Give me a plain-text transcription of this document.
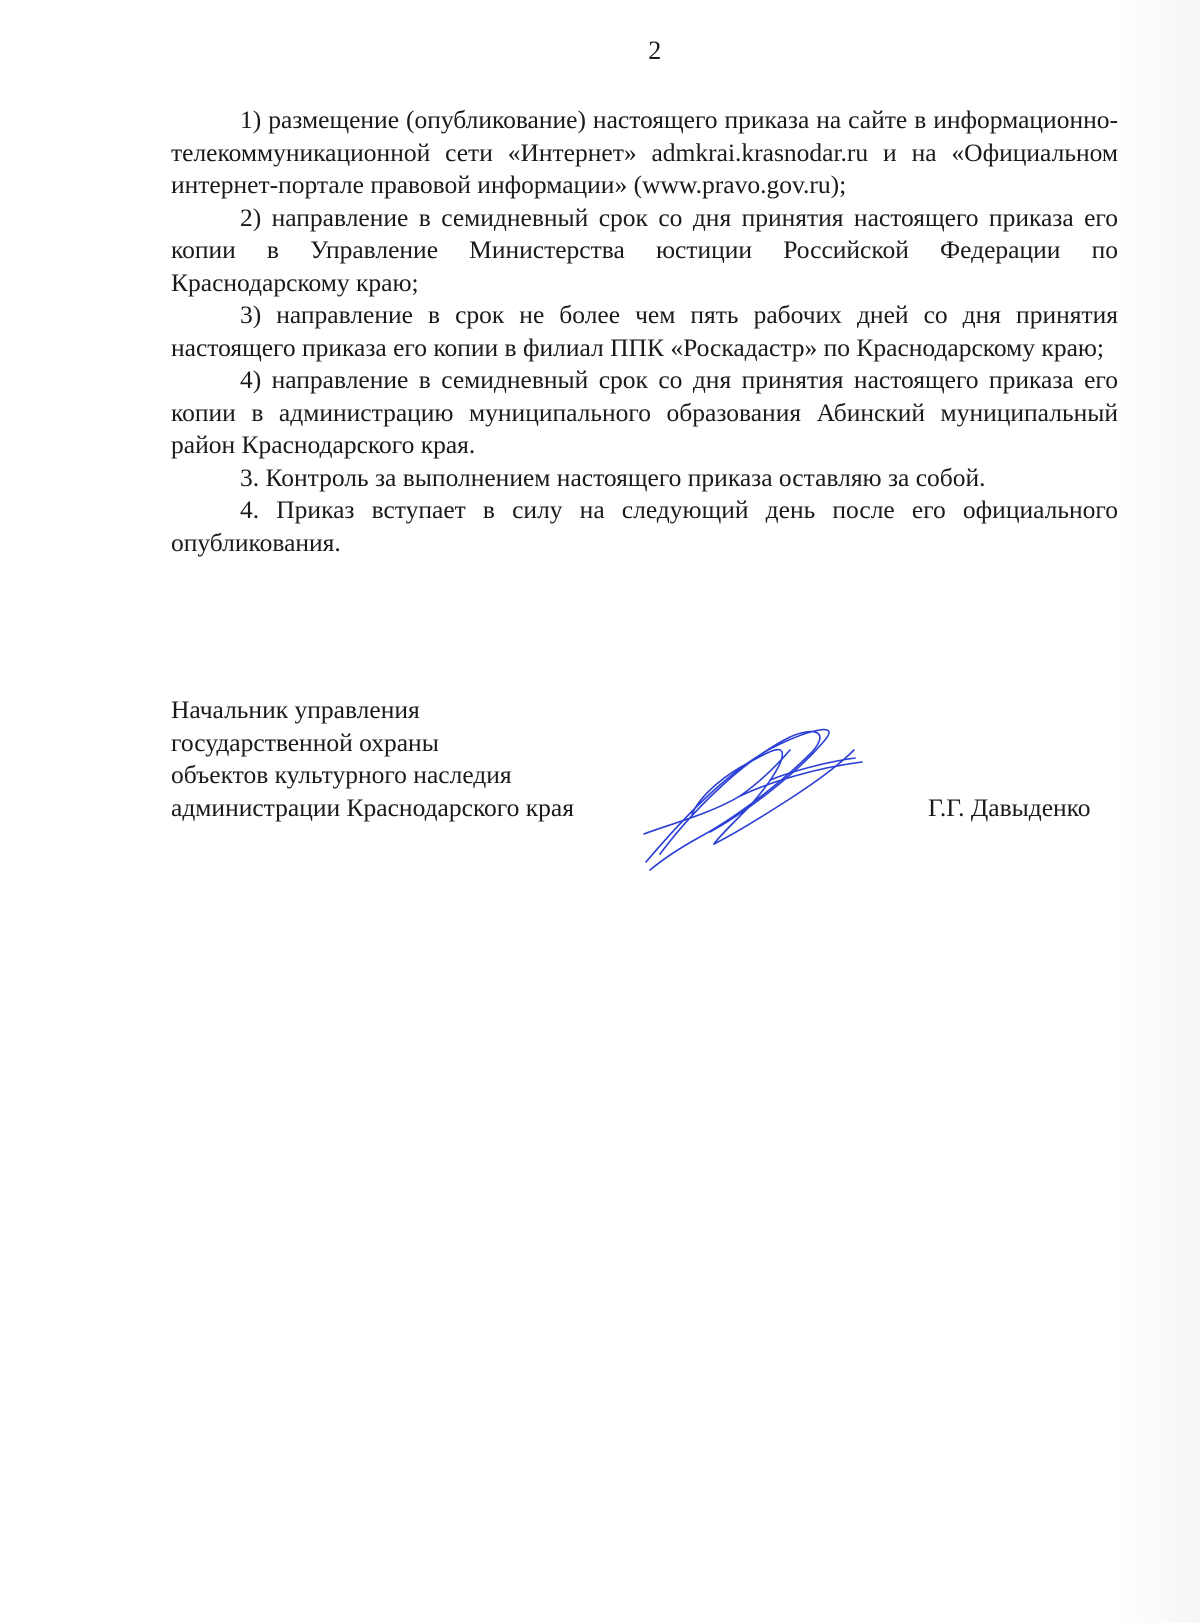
2

1) размещение (опубликование) настоящего приказа на сайте в информационно-телекоммуникационной сети «Интернет» admkrai.krasnodar.ru и на «Официальном интернет-портале правовой информации» (www.pravo.gov.ru);

2) направление в семидневный срок со дня принятия настоящего приказа его копии в Управление Министерства юстиции Российской Федерации по Краснодарскому краю;

3) направление в срок не более чем пять рабочих дней со дня принятия настоящего приказа его копии в филиал ППК «Роскадастр» по Краснодарскому краю;

4) направление в семидневный срок со дня принятия настоящего приказа его копии в администрацию муниципального образования Абинский муниципальный район Краснодарского края.

3. Контроль за выполнением настоящего приказа оставляю за собой.

4. Приказ вступает в силу на следующий день после его официального опубликования.

Начальник управления
государственной охраны
объектов культурного наследия
администрации Краснодарского края	Г.Г. Давыденко
